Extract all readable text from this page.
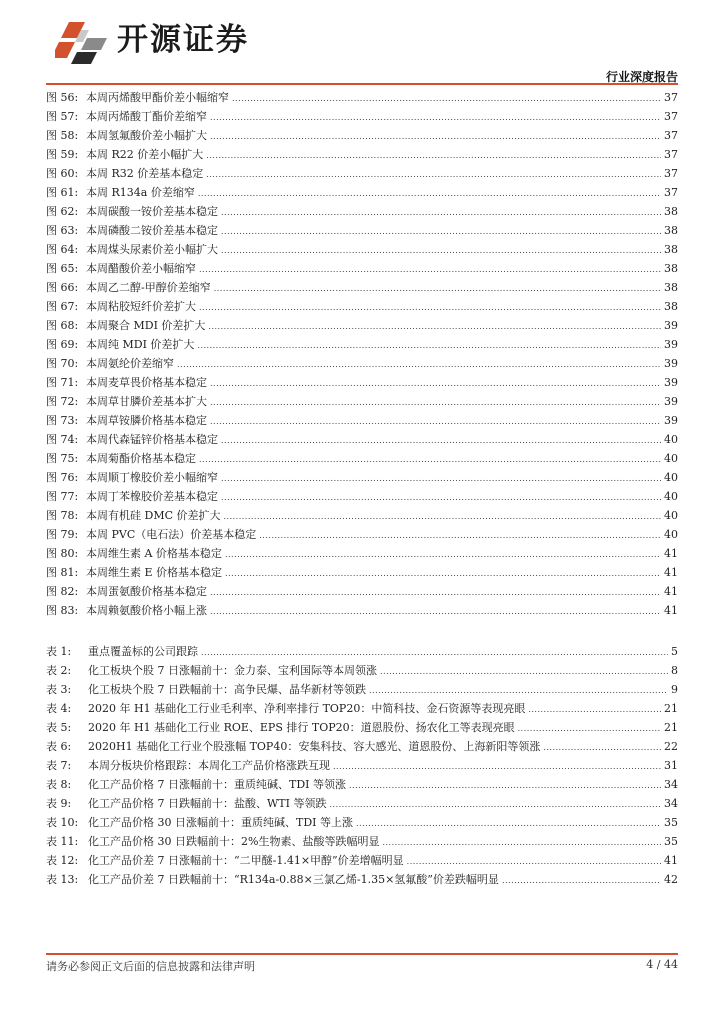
开源证券
行业深度报告
图 56: 本周丙烯酸甲酯价差小幅缩窄 .....	37
图 57: 本周丙烯酸丁酯价差缩窄 .....	37
图 58: 本周氢氟酸价差小幅扩大 .....	37
图 59: 本周 R22 价差小幅扩大 .....	37
图 60: 本周 R32 价差基本稳定 .....	37
图 61: 本周 R134a 价差缩窄 .....	37
图 62: 本周碳酸一铵价差基本稳定 .....	38
图 63: 本周磷酸二铵价差基本稳定 .....	38
图 64: 本周煤头尿素价差小幅扩大 .....	38
图 65: 本周醋酸价差小幅缩窄 .....	38
图 66: 本周乙二醇-甲醇价差缩窄 .....	38
图 67: 本周粘胶短纤价差扩大 .....	38
图 68: 本周聚合 MDI 价差扩大 .....	39
图 69: 本周纯 MDI 价差扩大 .....	39
图 70: 本周氨纶价差缩窄 .....	39
图 71: 本周麦草畏价格基本稳定 .....	39
图 72: 本周草甘膦价差基本扩大 .....	39
图 73: 本周草铵膦价格基本稳定 .....	39
图 74: 本周代森锰锌价格基本稳定 .....	40
图 75: 本周菊酯价格基本稳定 .....	40
图 76: 本周顺丁橡胶价差小幅缩窄 .....	40
图 77: 本周丁苯橡胶价差基本稳定 .....	40
图 78: 本周有机硅 DMC 价差扩大 .....	40
图 79: 本周 PVC（电石法）价差基本稳定 .....	40
图 80: 本周维生素 A 价格基本稳定 .....	41
图 81: 本周维生素 E 价格基本稳定 .....	41
图 82: 本周蛋氨酸价格基本稳定 .....	41
图 83: 本周赖氨酸价格小幅上涨 .....	41
表 1:	重点覆盖标的公司跟踪 .....	5
表 2:	化工板块个股 7 日涨幅前十：金力泰、宝利国际等本周领涨 .....	8
表 3:	化工板块个股 7 日跌幅前十：高争民爆、晶华新材等领跌 .....	9
表 4:	2020 年 H1 基础化工行业毛利率、净利率排行 TOP20：中简科技、金石资源等表现亮眼 .....	21
表 5:	2020 年 H1 基础化工行业 ROE、EPS 排行 TOP20：道恩股份、扬农化工等表现亮眼 .....	21
表 6:	2020H1 基础化工行业个股涨幅 TOP40：安集科技、容大感光、道恩股份、上海新阳等领涨 .....	22
表 7:	本周分板块价格跟踪：本周化工产品价格涨跌互现 .....	31
表 8:	化工产品价格 7 日涨幅前十：重质纯碱、TDI 等领涨 .....	34
表 9:	化工产品价格 7 日跌幅前十：盐酸、WTI 等领跌 .....	34
表 10: 化工产品价格 30 日涨幅前十：重质纯碱、TDI 等上涨 .....	35
表 11: 化工产品价格 30 日跌幅前十：2%生物素、盐酸等跌幅明显 .....	35
表 12: 化工产品价差 7 日涨幅前十：“二甲醚-1.41×甲醇”价差增幅明显 .....	41
表 13: 化工产品价差 7 日跌幅前十：“R134a-0.88×三氯乙烯-1.35×氢氟酸”价差跌幅明显 .....	42
请务必参阅正文后面的信息披露和法律声明	4 / 44
